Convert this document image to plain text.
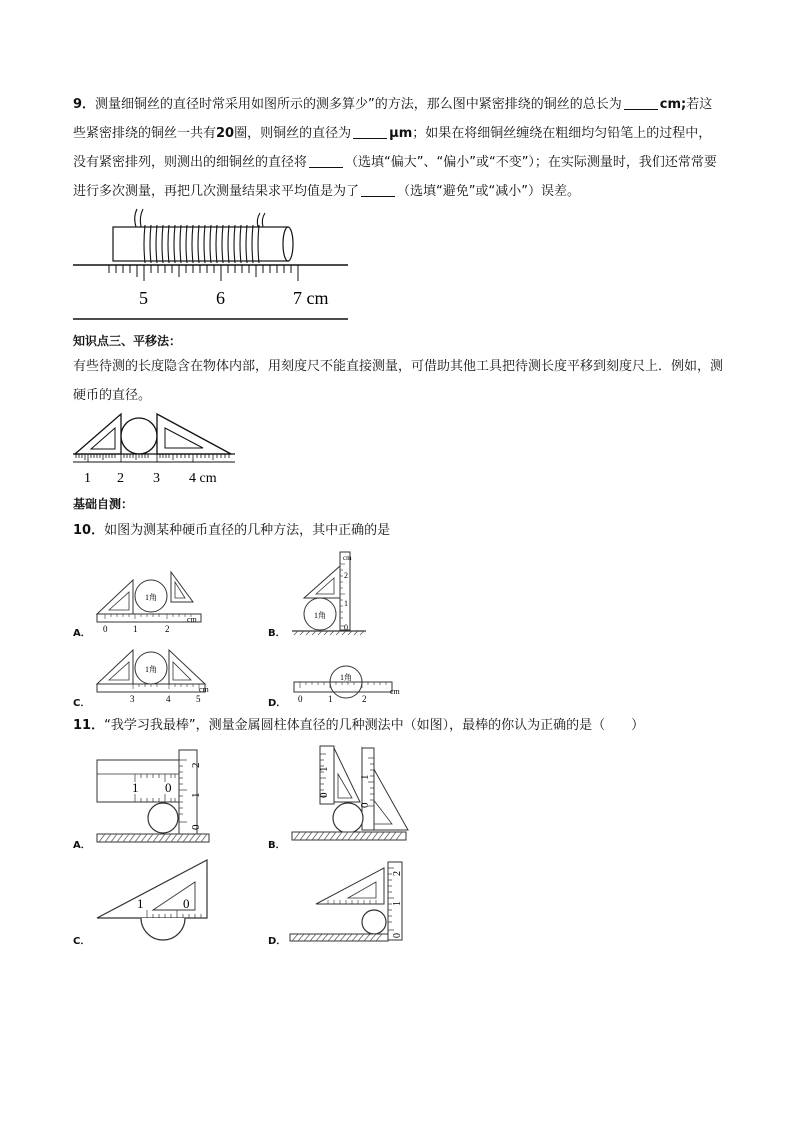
9．测量细铜丝的直径时常采用如图所示的测多算少”的方法，那么图中紧密排绕的铜丝的总长为	cm;若这些紧密排绕的铜丝一共有20圈，则铜丝的直径为	μm；如果在将细铜丝缠绕在粗细均匀铅笔上的过程中，没有紧密排列，则测出的细铜丝的直径将	（选填“偏大”、“偏小”或“不变”）；在实际测量时，我们还常常要进行多次测量，再把几次测量结果求平均值是为了	（选填“避免”或“减小”）误差。

5	6	7 cm
知识点三、平移法：

有些待测的长度隐含在物体内部，用刻度尺不能直接测量，可借助其他工具把待测长度平移到刻度尺上．例如，测硬币的直径。

1 2 3 4 cm
基础自测：

10．如图为测某种硬币直径的几种方法，其中正确的是

A．
1角
0	1	2
cm
B．
cm
2
1
0
1角
C．
1角
3	4	5
cm
D．
1角
0	1	2
cm

11．“我学习我最棒”，测量金属圆柱体直径的几种测法中（如图），最棒的你认为正确的是（　　）

A．
1 0
2
1
0
B．
1
0
1
0
C．
1	0
D．
2
1
0
